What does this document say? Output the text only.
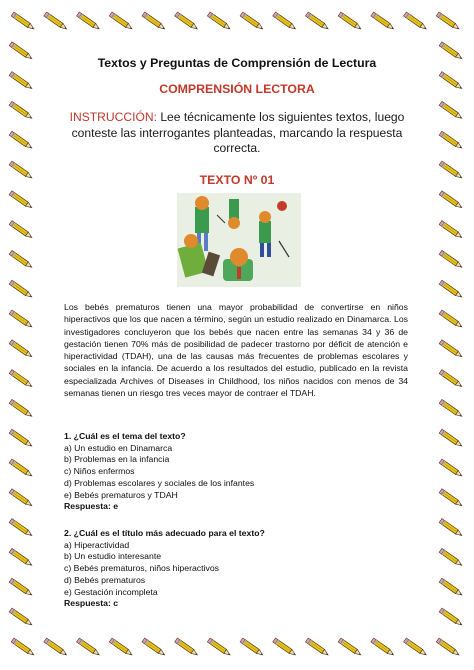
Textos y Preguntas de Comprensión de Lectura
COMPRENSIÓN LECTORA
INSTRUCCIÓN: Lee técnicamente los siguientes textos, luego conteste las interrogantes planteadas, marcando la respuesta correcta.
TEXTO Nº 01

Los bebés prematuros tienen una mayor probabilidad de convertirse en niños hiperactivos que los que nacen a término, según un estudio realizado en Dinamarca. Los investigadores concluyeron que los bebés que nacen entre las semanas 34 y 36 de gestación tienen 70% más de posibilidad de padecer trastorno por déficit de atención e hiperactividad (TDAH), una de las causas más frecuentes de problemas escolares y sociales en la infancia. De acuerdo a los resultados del estudio, publicado en la revista especializada Archives of Diseases in Childhood, los niños nacidos con menos de 34 semanas tienen un riesgo tres veces mayor de contraer el TDAH.

1. ¿Cuál es el tema del texto?
a) Un estudio en Dinamarca
b) Problemas en la infancia
c) Niños enfermos
d) Problemas escolares y sociales de los infantes
e) Bebés prematuros y TDAH
Respuesta: e
2. ¿Cuál es el título más adecuado para el texto?
a) Hiperactividad
b) Un estudio interesante
c) Bebés prematuros, niños hiperactivos
d) Bebés prematuros
e) Gestación incompleta
Respuesta: c
